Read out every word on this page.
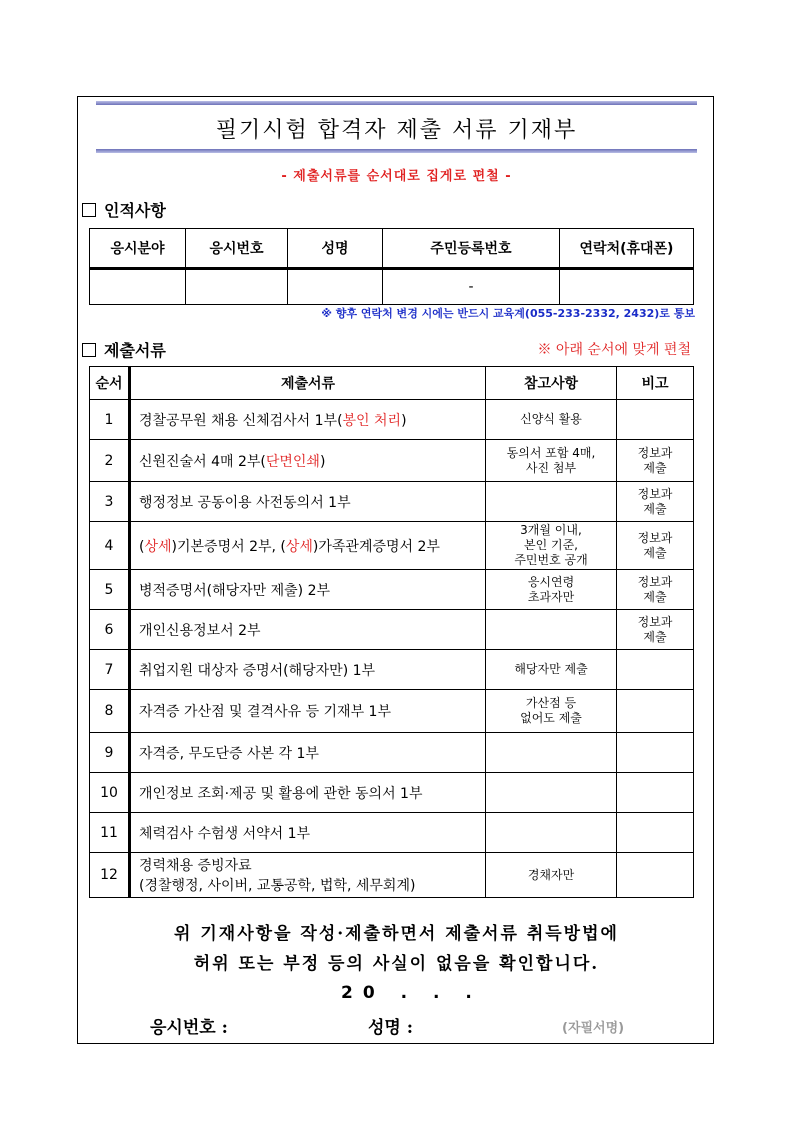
필기시험 합격자 제출 서류 기재부
- 제출서류를 순서대로 집게로 편철 -
인적사항
응시분야	응시번호	성명	주민등록번호	연락처(휴대폰)
			-	
※ 향후 연락처 변경 시에는 반드시 교육계(055-233-2332, 2432)로 통보
제출서류	※ 아래 순서에 맞게 편철
순서	제출서류	참고사항	비고
1	경찰공무원 채용 신체검사서 1부(봉인 처리)	신양식 활용	
2	신원진술서 4매 2부(단면인쇄)	동의서 포함 4매,
사진 첨부	정보과
제출
3	행정정보 공동이용 사전동의서 1부		정보과
제출
4	(상세)기본증명서 2부, (상세)가족관계증명서 2부	3개월 이내,
본인 기준,
주민번호 공개	정보과
제출
5	병적증명서(해당자만 제출) 2부	응시연령
초과자만	정보과
제출
6	개인신용정보서 2부		정보과
제출
7	취업지원 대상자 증명서(해당자만) 1부	해당자만 제출	
8	자격증 가산점 및 결격사유 등 기재부 1부	가산점 등
없어도 제출	
9	자격증, 무도단증 사본 각 1부		
10	개인정보 조회·제공 및 활용에 관한 동의서 1부		
11	체력검사 수험생 서약서 1부		
12	경력채용 증빙자료
(경찰행정, 사이버, 교통공학, 법학, 세무회계)	경채자만	
위 기재사항을 작성·제출하면서 제출서류 취득방법에
허위 또는 부정 등의 사실이 없음을 확인합니다.
20 . . .
응시번호 :	성명 :	(자필서명)
